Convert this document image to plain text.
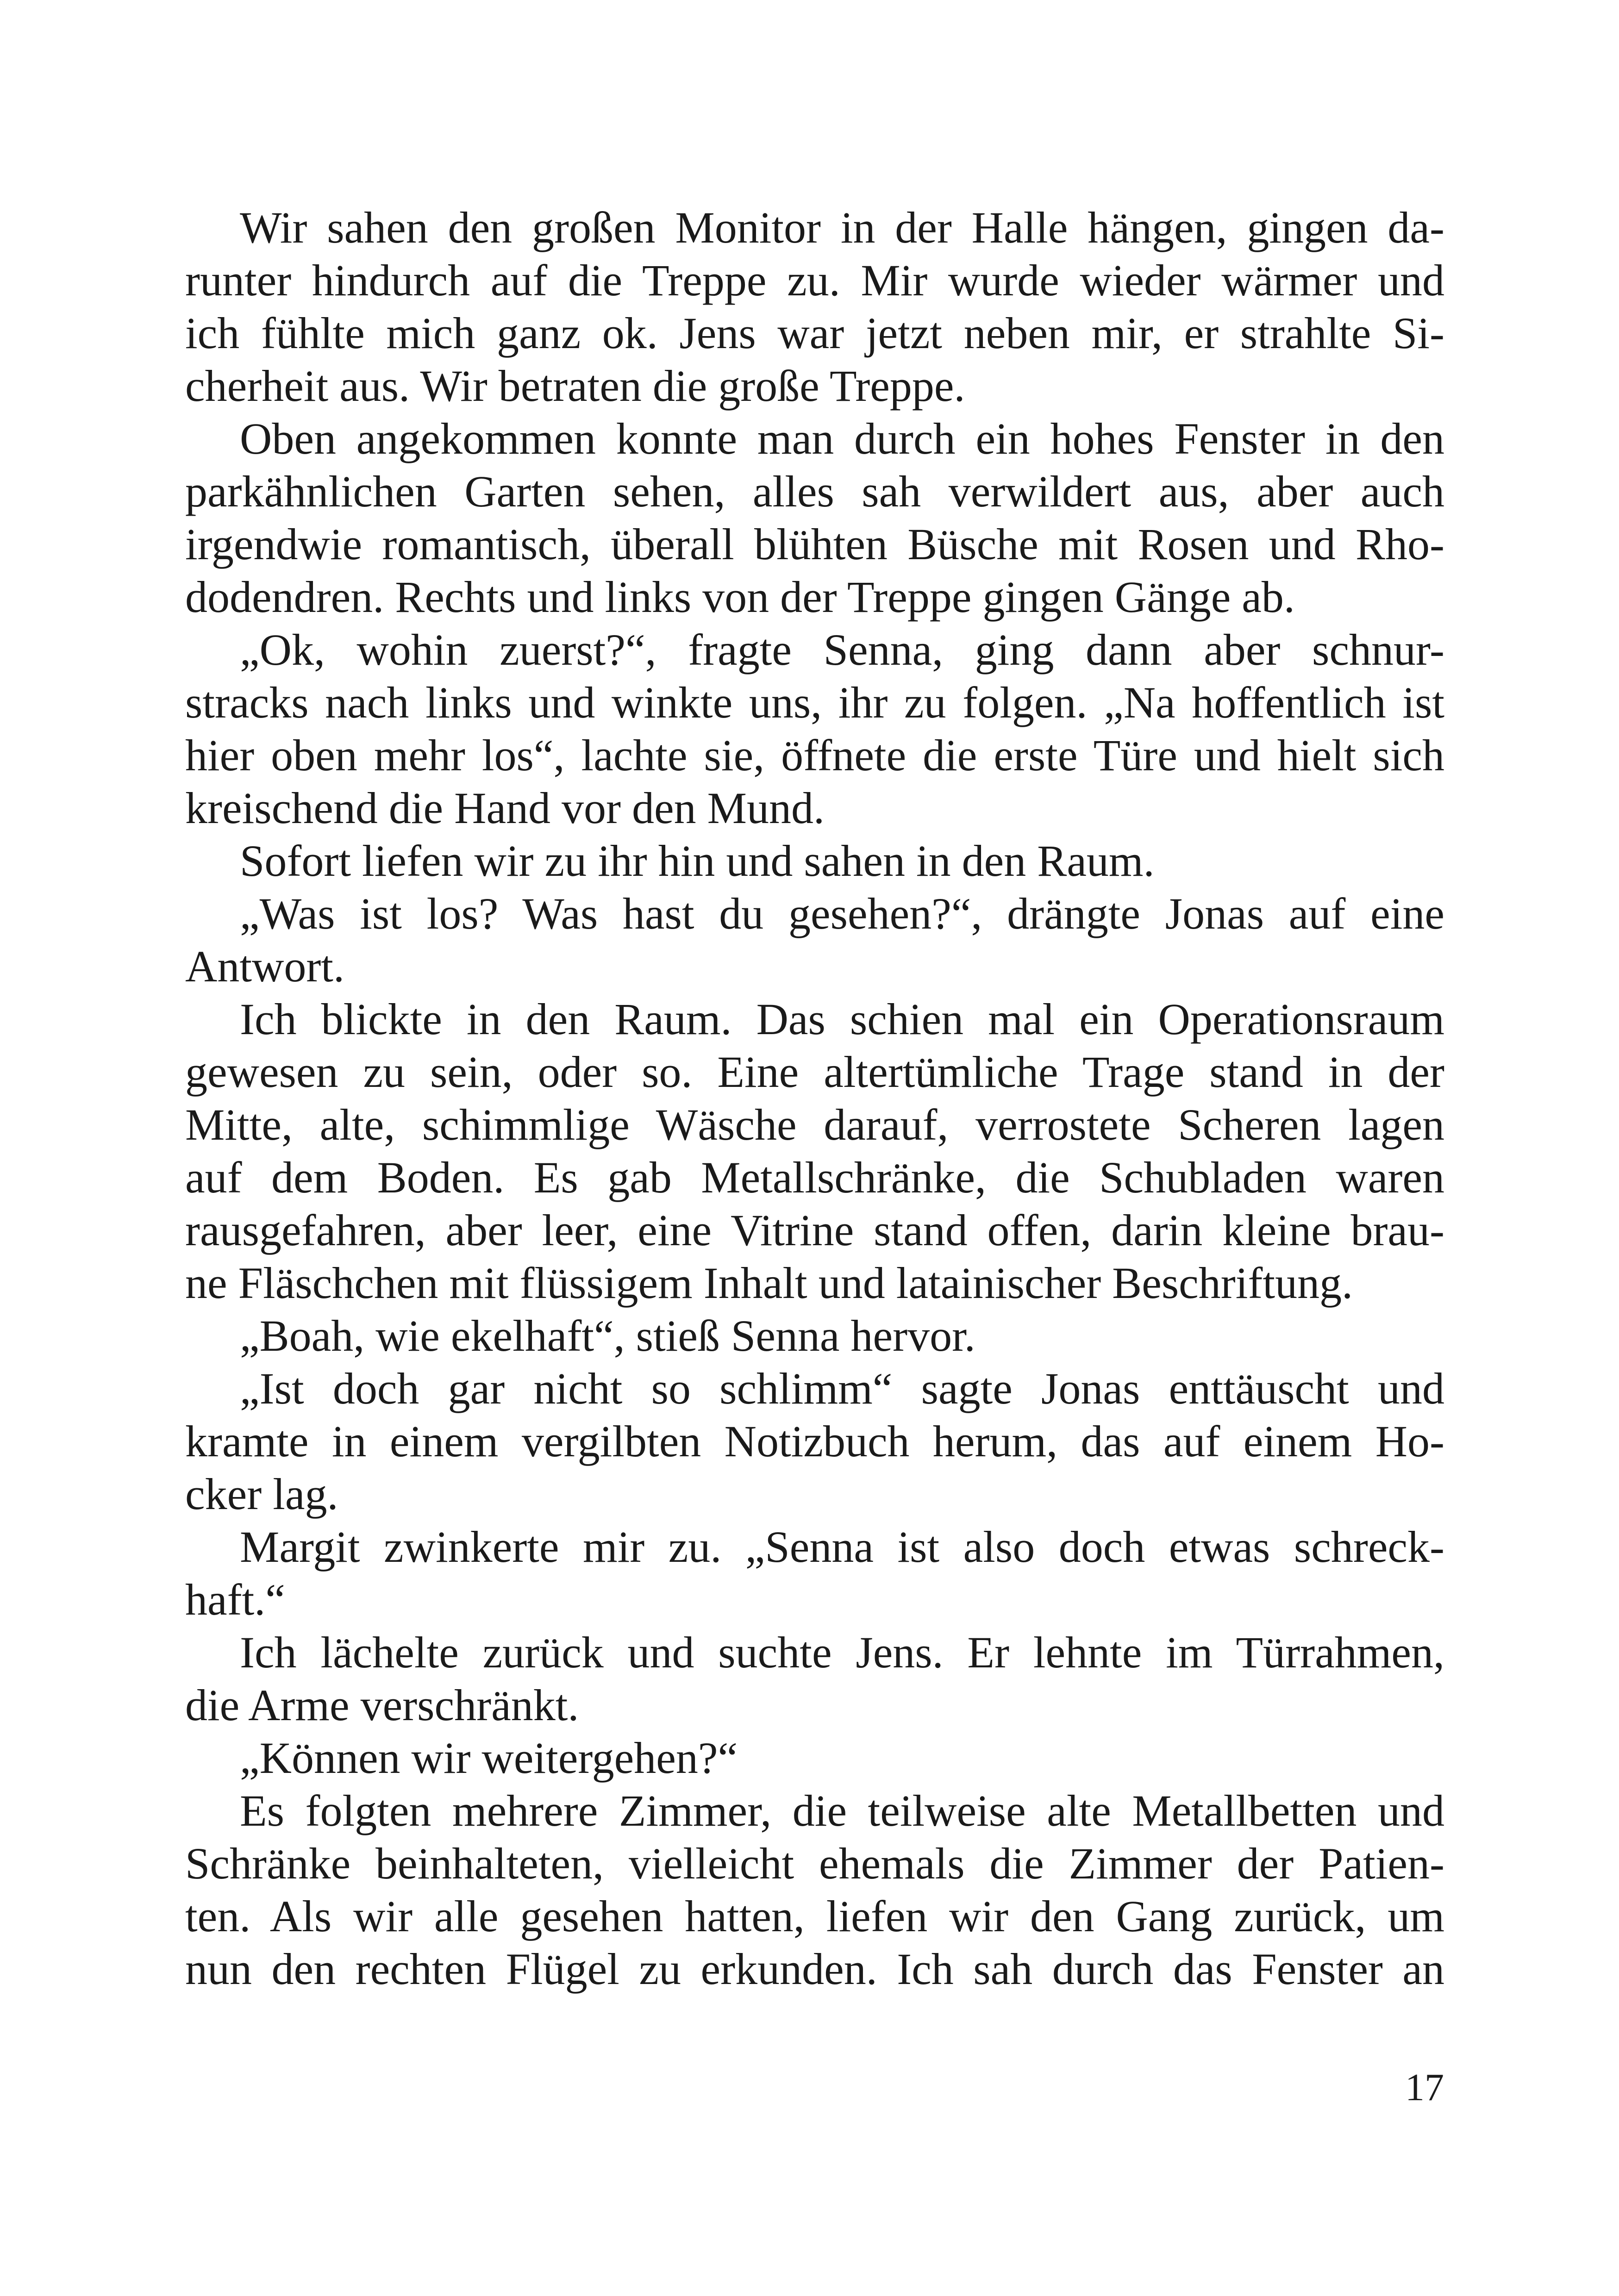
Wir sahen den großen Monitor in der Halle hängen, gingen da-
runter hindurch auf die Treppe zu. Mir wurde wieder wärmer und
ich fühlte mich ganz ok. Jens war jetzt neben mir, er strahlte Si-
cherheit aus. Wir betraten die große Treppe.
Oben angekommen konnte man durch ein hohes Fenster in den
parkähnlichen Garten sehen, alles sah verwildert aus, aber auch
irgendwie romantisch, überall blühten Büsche mit Rosen und Rho-
dodendren. Rechts und links von der Treppe gingen Gänge ab.
„Ok, wohin zuerst?“, fragte Senna, ging dann aber schnur-
stracks nach links und winkte uns, ihr zu folgen. „Na hoffentlich ist
hier oben mehr los“, lachte sie, öffnete die erste Türe und hielt sich
kreischend die Hand vor den Mund.
Sofort liefen wir zu ihr hin und sahen in den Raum.
„Was ist los? Was hast du gesehen?“, drängte Jonas auf eine
Antwort.
Ich blickte in den Raum. Das schien mal ein Operationsraum
gewesen zu sein, oder so. Eine altertümliche Trage stand in der
Mitte, alte, schimmlige Wäsche darauf, verrostete Scheren lagen
auf dem Boden. Es gab Metallschränke, die Schubladen waren
rausgefahren, aber leer, eine Vitrine stand offen, darin kleine brau-
ne Fläschchen mit flüssigem Inhalt und latainischer Beschriftung.
„Boah, wie ekelhaft“, stieß Senna hervor.
„Ist doch gar nicht so schlimm“ sagte Jonas enttäuscht und
kramte in einem vergilbten Notizbuch herum, das auf einem Ho-
cker lag.
Margit zwinkerte mir zu. „Senna ist also doch etwas schreck-
haft.“
Ich lächelte zurück und suchte Jens. Er lehnte im Türrahmen,
die Arme verschränkt.
„Können wir weitergehen?“
Es folgten mehrere Zimmer, die teilweise alte Metallbetten und
Schränke beinhalteten, vielleicht ehemals die Zimmer der Patien-
ten. Als wir alle gesehen hatten, liefen wir den Gang zurück, um
nun den rechten Flügel zu erkunden. Ich sah durch das Fenster an
17
